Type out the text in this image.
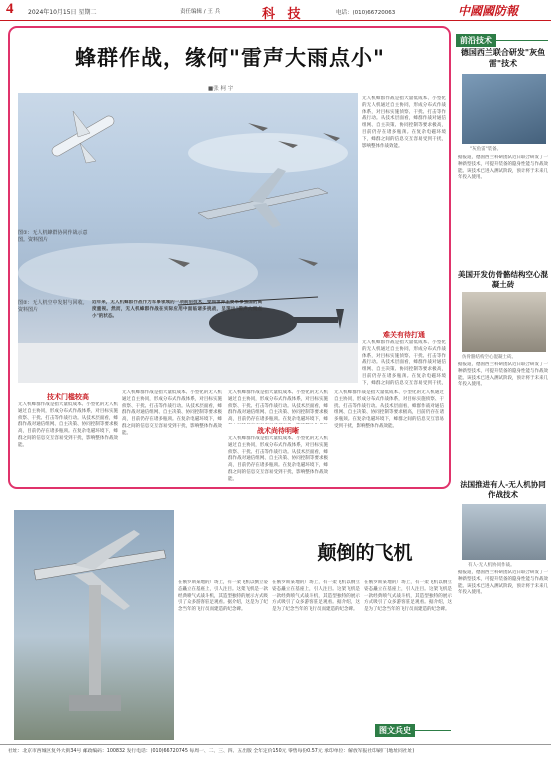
4 2024年10月15日 星期二	责任编辑 / 王 兵	科 技	电话：(010)66720063	中國國防報
蜂群作战，缘何"雷声大雨点小"
■张 柯 宇
图①：无人机蜂群协同作战示意图。资料图片
图②：无人机空中发射与回收。资料图片
近年来，无人机蜂群作战作为军事领域的一项前沿技术，受到世界主要军事强国的高度重视。然而，无人机蜂群作战在实际应用中面临诸多挑战，呈现出"雷声大雨点小"的状态。
技术门槛较高
无人机蜂群作战是指大量低成本、小型化的无人机通过自主协同，形成分布式作战体系，对目标实施侦察、干扰、打击等作战行动。从技术层面看，蜂群作战对通信组网、自主决策、协同控制等要求极高，目前仍存在诸多瓶颈。在复杂电磁环境下，蜂群之间的信息交互容易受到干扰，影响整体作战效能。
无人机蜂群作战是指大量低成本、小型化的无人机通过自主协同，形成分布式作战体系，对目标实施侦察、干扰、打击等作战行动。从技术层面看，蜂群作战对通信组网、自主决策、协同控制等要求极高，目前仍存在诸多瓶颈。在复杂电磁环境下，蜂群之间的信息交互容易受到干扰，影响整体作战效能。	战术尚待明晰
无人机蜂群作战是指大量低成本、小型化的无人机通过自主协同，形成分布式作战体系，对目标实施侦察、干扰、打击等作战行动。从技术层面看，蜂群作战对通信组网、自主决策、协同控制等要求极高，目前仍存在诸多瓶颈。在复杂电磁环境下，蜂
无人机蜂群作战是指大量低成本、小型化的无人机通过自主协同，形成分布式作战体系，对目标实施侦察、干扰、打击等作战行动。从技术层面看，蜂群作战对通信组网、自主决策、协同控制等要求极高，目前仍存在诸多瓶颈。在复杂电磁环境下，蜂群之间的信息交互容易受到干扰，影响整体作战效能。
无人机蜂群作战是指大量低成本、小型化的无人机通过自主协同，形成分布式作战体系，对目标实施侦察、干扰、打击等作战行动。从技术层面看，蜂群作战对通信组网、自主决策、协同控制等要求极高，目前仍存在诸多瓶颈。在复杂电磁环境下，蜂群之间的信息交互容易受到干扰，影响整体作战效能。
无人机蜂群作战是指大量低成本、小型化的无人机通过自主协同，形成分布式作战体系，对目标实施侦察、干扰、打击等作战行动。从技术层面看，蜂群作战对通信组网、自主决策、协同控制等要求极高，目前仍存在诸多瓶颈。在复杂电磁环境下，蜂群之间的信息交互容易受到干扰，影响整体作战效能。
难关有待打通
无人机蜂群作战是指大量低成本、小型化的无人机通过自主协同，形成分布式作战体系，对目标实施侦察、干扰、打击等作战行动。从技术层面看，蜂群作战对通信组网、自主决策、协同控制等要求极高，目前仍存在诸多瓶颈。在复杂电磁环境下，蜂群之间的信息交互容易受到干扰，
前沿技术
德国西兰联合研发"灰鱼雷"技术
"灰鱼雷"装备。
据报道，德国西兰科研团队近日联合研发了一种新型技术，可提升装备的隐身性能与作战效能。该技术已进入测试阶段，预计将于未来几年投入使用。
美国开发仿骨骼结构空心混凝土砖
仿骨骼结构空心混凝土砖。
据报道，德国西兰科研团队近日联合研发了一种新型技术，可提升装备的隐身性能与作战效能。该技术已进入测试阶段，预计将于未来几年投入使用。
法国推进有人-无人机协同作战技术
有人-无人机协同作战。
据报道，德国西兰科研团队近日联合研发了一种新型技术，可提升装备的隐身性能与作战效能。该技术已进入测试阶段，预计将于未来几年投入使用。
颠倒的飞机
在俄罗斯某地的广场上，有一架飞机以倒立姿态矗立在基座上，引人注目。这架飞机是一款经典喷气式战斗机，其造型独特的展示方式吸引了众多游客驻足观看。据介绍，这是为了纪念当年的飞行员而建造的纪念碑。
在俄罗斯某地的广场上，有一架飞机以倒立姿态矗立在基座上，引人注目。这架飞机是一款经典喷气式战斗机，其造型独特的展示方式吸引了众多游客驻足观看。据介绍，这是为了纪念当年的飞行员而建造的纪念碑。
在俄罗斯某地的广场上，有一架飞机以倒立姿态矗立在基座上，引人注目。这架飞机是一款经典喷气式战斗机，其造型独特的展示方式吸引了众多游客驻足观看。据介绍，这是为了纪念当年的飞行员而建造的纪念碑。
图文兵史
社址：北京市西城区复外大街34号 邮政编码：100832 发行电话：(010)66720745 每周一、二、三、四、五出版 全年定价150元 零售每份0.57元 承印单位：解放军报社印刷厂(地址同社址)
